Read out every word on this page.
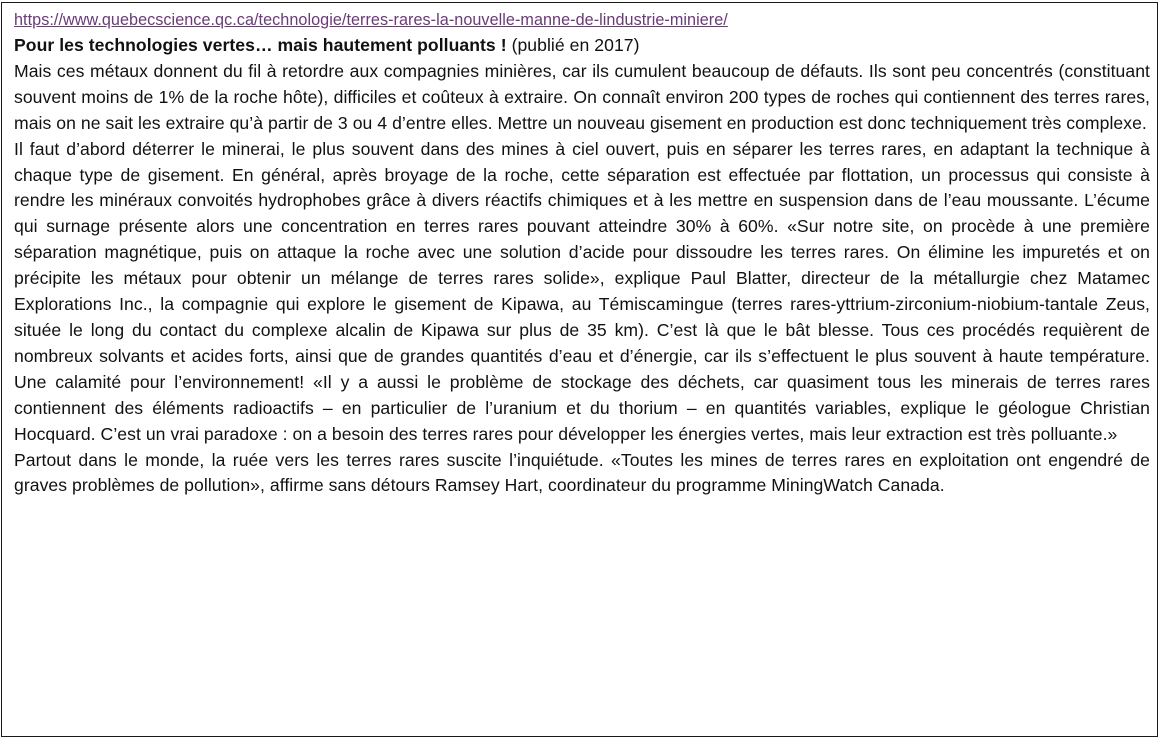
https://www.quebecscience.qc.ca/technologie/terres-rares-la-nouvelle-manne-de-lindustrie-miniere/
Pour les technologies vertes… mais hautement polluants ! (publié en 2017)

Mais ces métaux donnent du fil à retordre aux compagnies minières, car ils cumulent beaucoup de défauts. Ils sont peu concentrés (constituant souvent moins de 1% de la roche hôte), difficiles et coûteux à extraire. On connaît environ 200 types de roches qui contiennent des terres rares, mais on ne sait les extraire qu’à partir de 3 ou 4 d’entre elles. Mettre un nouveau gisement en production est donc techniquement très complexe.

Il faut d’abord déterrer le minerai, le plus souvent dans des mines à ciel ouvert, puis en séparer les terres rares, en adaptant la technique à chaque type de gisement. En général, après broyage de la roche, cette séparation est effectuée par flottation, un processus qui consiste à rendre les minéraux convoités hydrophobes grâce à divers réactifs chimiques et à les mettre en suspension dans de l’eau moussante. L’écume qui surnage présente alors une concentration en terres rares pouvant atteindre 30% à 60%. «Sur notre site, on procède à une première séparation magnétique, puis on attaque la roche avec une solution d’acide pour dissoudre les terres rares. On élimine les impuretés et on précipite les métaux pour obtenir un mélange de terres rares solide», explique Paul Blatter, directeur de la métallurgie chez Matamec Explorations Inc., la compagnie qui explore le gisement de Kipawa, au Témiscamingue (terres rares-yttrium-zirconium-niobium-tantale Zeus, située le long du contact du complexe alcalin de Kipawa sur plus de 35 km). C’est là que le bât blesse. Tous ces procédés requièrent de nombreux solvants et acides forts, ainsi que de grandes quantités d’eau et d’énergie, car ils s’effectuent le plus souvent à haute température. Une calamité pour l’environnement! «Il y a aussi le problème de stockage des déchets, car quasiment tous les minerais de terres rares contiennent des éléments radioactifs – en particulier de l’uranium et du thorium – en quantités variables, explique le géologue Christian Hocquard. C’est un vrai paradoxe : on a besoin des terres rares pour développer les énergies vertes, mais leur extraction est très polluante.»

Partout dans le monde, la ruée vers les terres rares suscite l’inquiétude. «Toutes les mines de terres rares en exploitation ont engendré de graves problèmes de pollution», affirme sans détours Ramsey Hart, coordinateur du programme MiningWatch Canada.
